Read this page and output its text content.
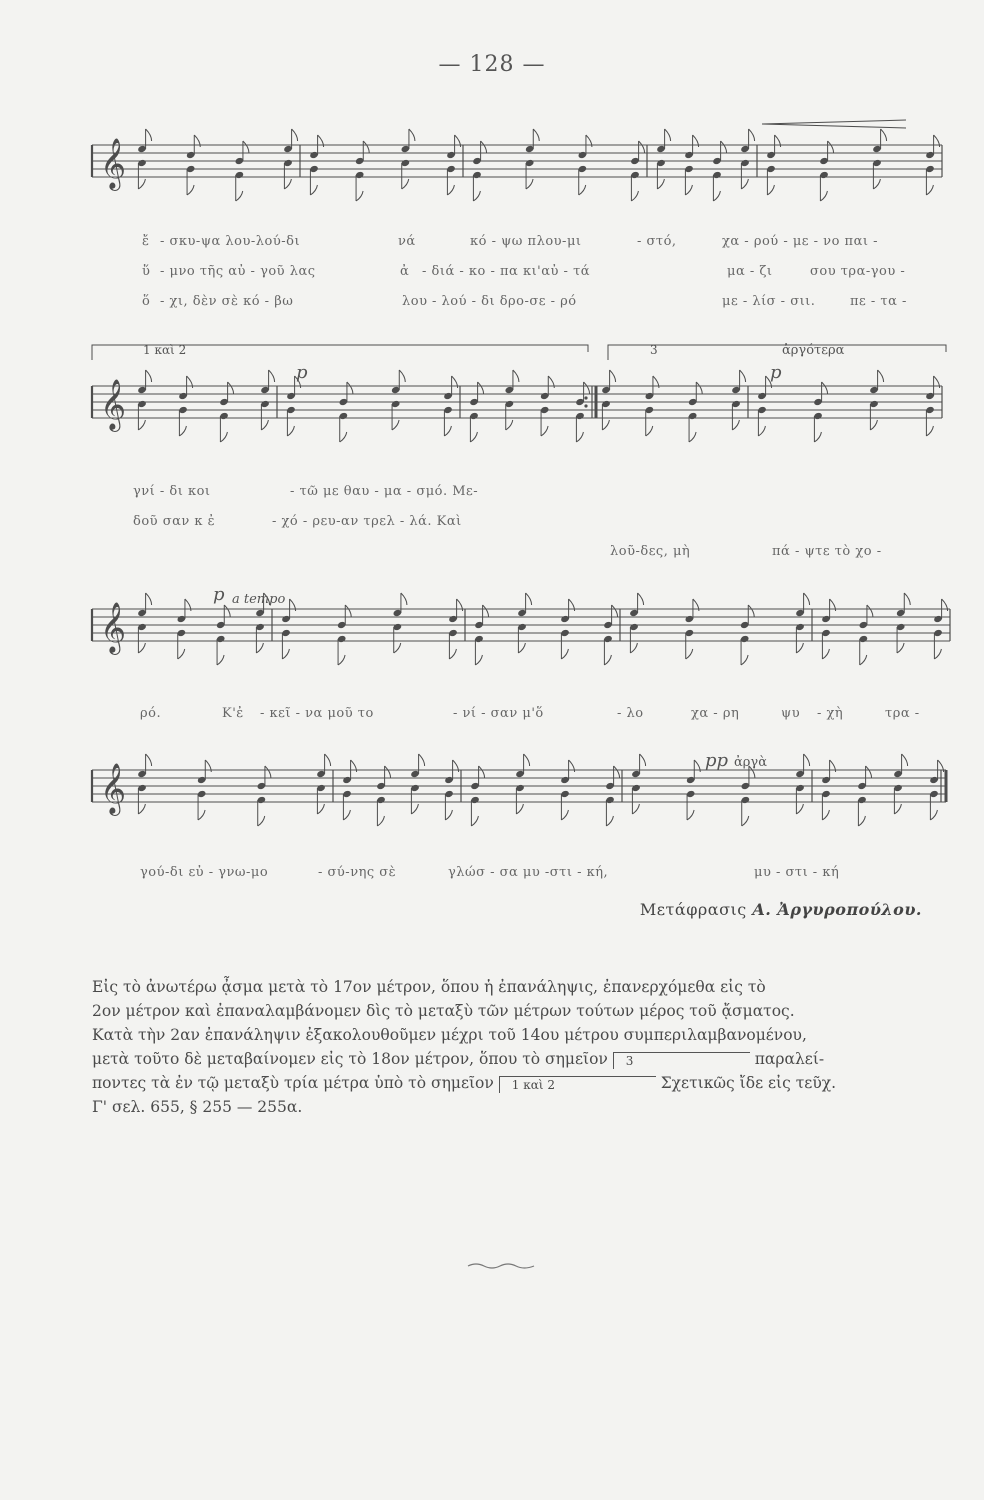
— 128 —
𝄞
𝄞
𝄞
𝄞
ἔ - σκυ-ψα λου-λού-δι	νά	κό - ψω πλου-μι	- στό,	χα - ρού - με - νο παι -
ὕ - μνο τῆς αὐ - γοῦ λας	ἀ - διά - κο - πα κι'αὐ - τά	μα - ζι	σου τρα-γου -
ὅ - χι, δὲν σὲ κό - βω	λου - λού - δι δρο-σε - ρό	με - λίσ - σιι.	πε - τα -
1 καὶ 2	3	ἀργότερα
p	p
γνί - δι κοι	- τῶ με θαυ - μα - σμό. Με-
δοῦ σαν κ ἐ	- χό - ρευ-αν τρελ - λά. Καὶ
λοῦ-δες, μὴ	πά - ψτε τὸ χο -
p a tempo
ρό.	Κ'ἐ - κεῖ - να μοῦ το	- νί - σαν μ'ὅ	- λο	χα - ρη	ψυ - χὴ	τρα -
pp ἀργὰ
γού-δι εὐ - γνω-μο	- σύ-νης σὲ	γλώσ - σα μυ -στι - κή,	μυ - στι - κή
Μετάφρασις Α. Ἀργυροπούλου.

Εἰς τὸ ἀνωτέρω ᾆσμα μετὰ τὸ 17ον μέτρον, ὅπου ἡ ἐπανάληψις, ἐπανερχόμεθα εἰς τὸ

2ον μέτρον καὶ ἐπαναλαμβάνομεν δὶς τὸ μεταξὺ τῶν μέτρων τούτων μέρος τοῦ ᾄσματος.

Κατὰ τὴν 2αν ἐπανάληψιν ἐξακολουθοῦμεν μέχρι τοῦ 14ου μέτρου συμπεριλαμβανομένου,

μετὰ τοῦτο δὲ μεταβαίνομεν εἰς τὸ 18ον μέτρον, ὅπου τὸ σημεῖον 3	παραλεί-

ποντες τὰ ἐν τῷ μεταξὺ τρία μέτρα ὑπὸ τὸ σημεῖον 1 καὶ 2	Σχετικῶς ἴδε εἰς τεῦχ.

Γ' σελ. 655, § 255 — 255α.
